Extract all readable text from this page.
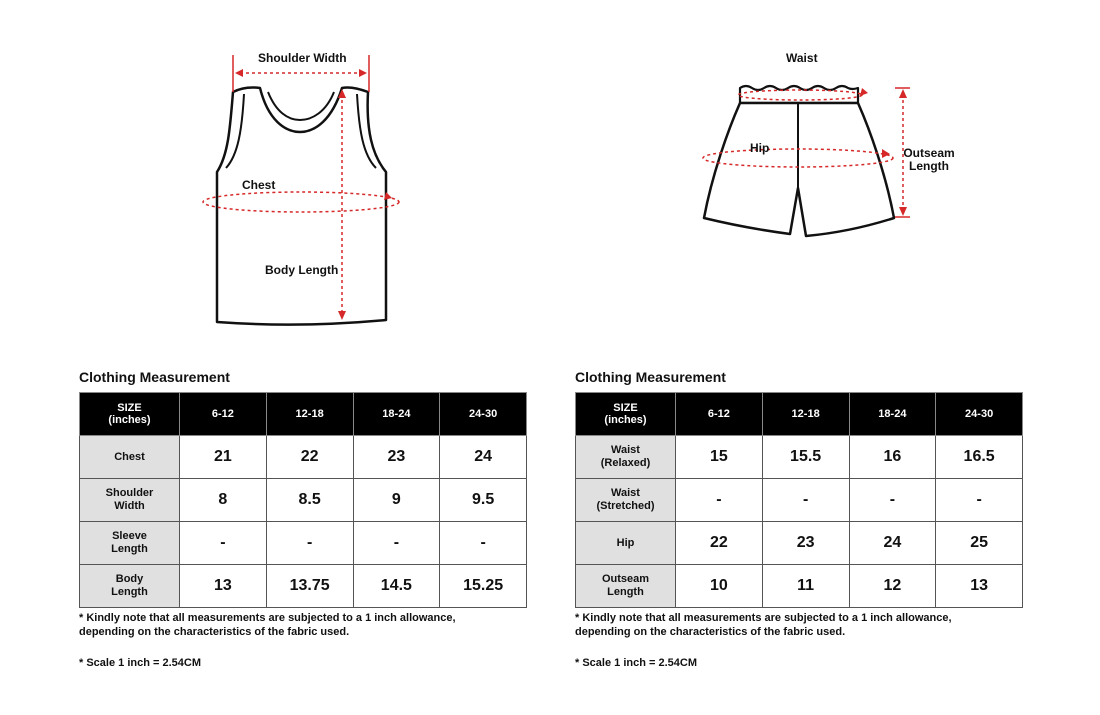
Shoulder Width
Chest
Body Length
Waist
Hip	Outseam
Length
Clothing Measurement
SIZE
(inches)	6-12	12-18	18-24	24-30
Chest	21	22	23	24
Shoulder
Width	8	8.5	9	9.5
Sleeve
Length	-	-	-	-
Body
Length	13	13.75	14.5	15.25
* Kindly note that all measurements are subjected to a 1 inch allowance,
depending on the characteristics of the fabric used.
* Scale 1 inch = 2.54CM
Clothing Measurement
SIZE
(inches)	6-12	12-18	18-24	24-30
Waist
(Relaxed)	15	15.5	16	16.5
Waist
(Stretched)	-	-	-	-
Hip	22	23	24	25
Outseam
Length	10	11	12	13
* Kindly note that all measurements are subjected to a 1 inch allowance,
depending on the characteristics of the fabric used.
* Scale 1 inch = 2.54CM
